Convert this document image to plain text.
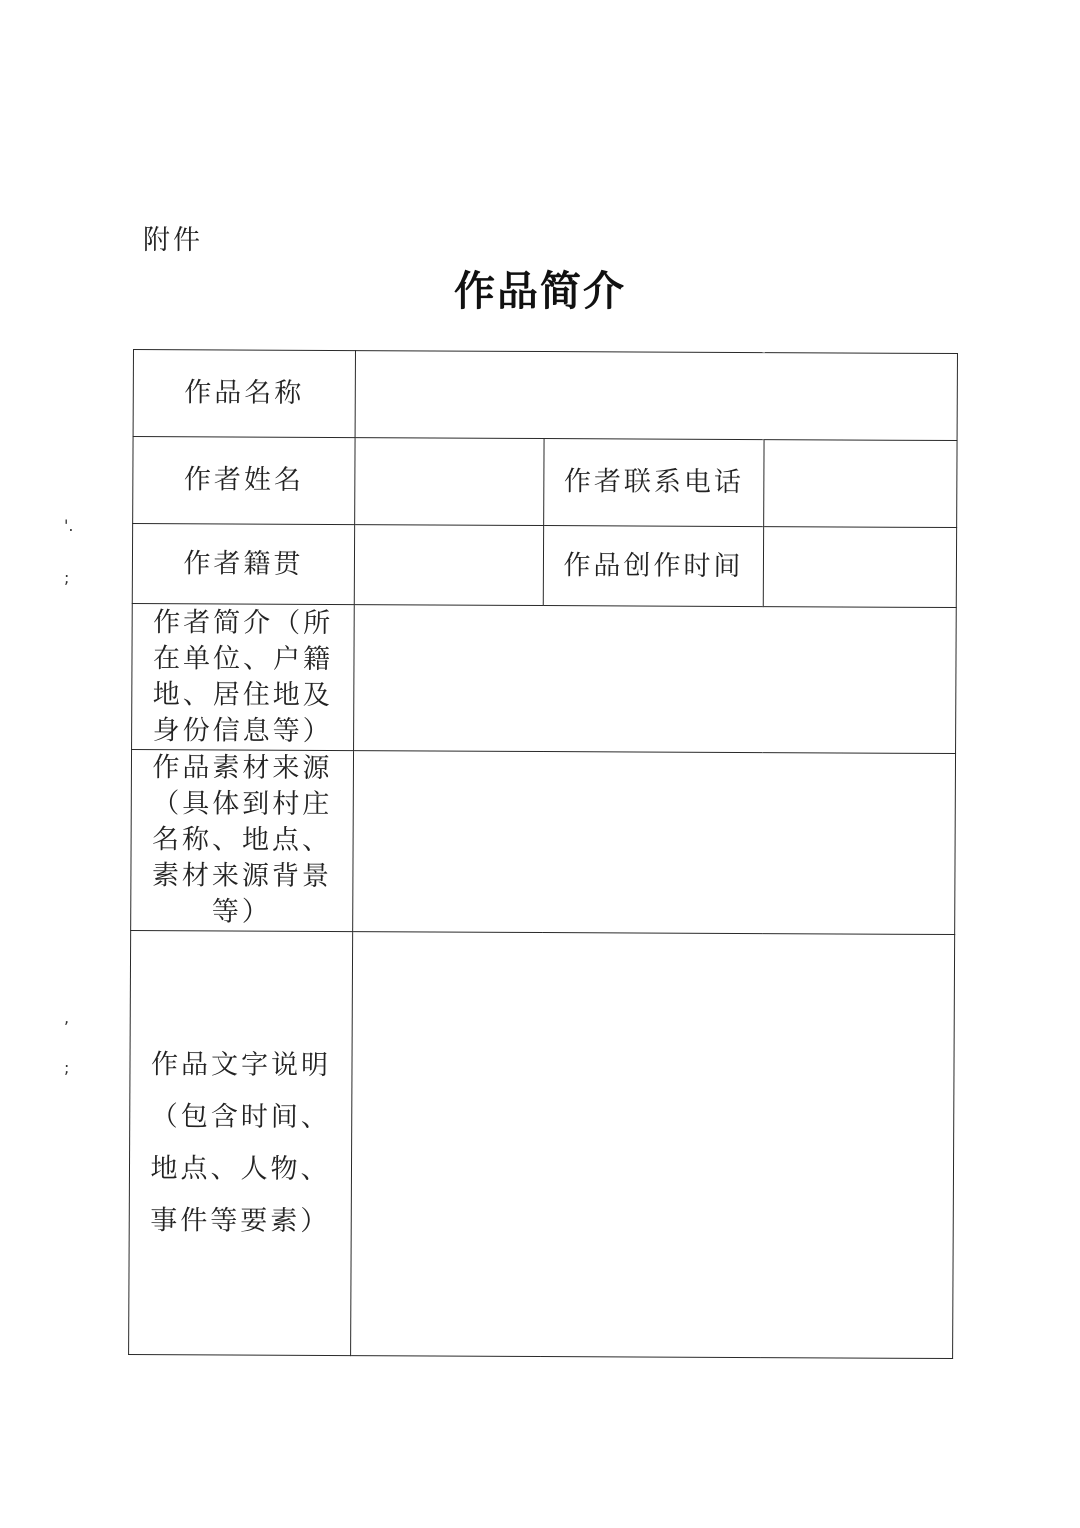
附件
作品简介
作品名称			
作者姓名		作者联系电话	
作者籍贯		作品创作时间	

作者简介（所在单位、户籍地、居住地及身份信息等）			

作品素材来源（具体到村庄名称、地点、素材来源背景等）			

作品文字说明（包含时间、地点、人物、事件等要素）			

'.
;
,
;
